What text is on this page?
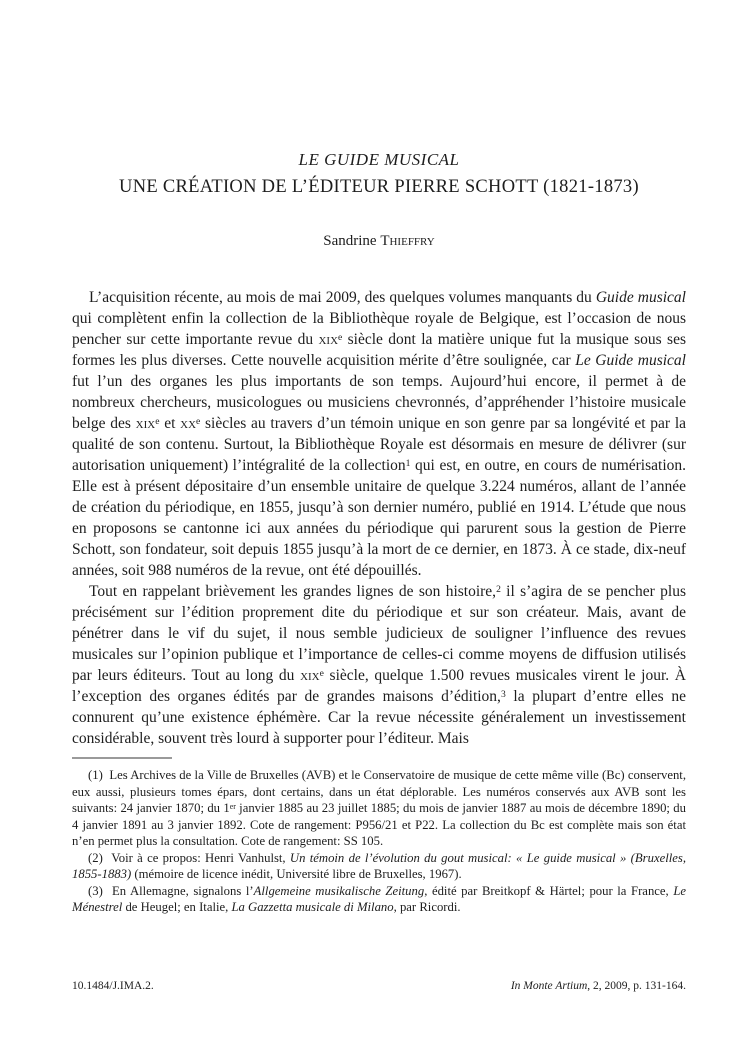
LE GUIDE MUSICAL
UNE CRÉATION DE L’ÉDITEUR PIERRE SCHOTT (1821-1873)
Sandrine Thieffry

L’acquisition récente, au mois de mai 2009, des quelques volumes manquants du Guide musical qui complètent enfin la collection de la Bibliothèque royale de Belgique, est l’occasion de nous pencher sur cette importante revue du xix$^e$ siècle dont la matière unique fut la musique sous ses formes les plus diverses. Cette nouvelle acquisition mérite d’être soulignée, car Le Guide musical fut l’un des organes les plus importants de son temps. Aujourd’hui encore, il permet à de nombreux chercheurs, musicologues ou musiciens chevronnés, d’appréhender l’histoire musicale belge des xix$^e$ et $xx^e$ siècles au travers d’un témoin unique en son genre par sa longévité et par la qualité de son contenu. Surtout, la Bibliothèque Royale est désormais en mesure de délivrer (sur autorisation uniquement) l’intégralité de la collection$^1$ qui est, en outre, en cours de numérisation. Elle est à présent dépositaire d’un ensemble unitaire de quelque 3.224 numéros, allant de l’année de création du périodique, en 1855, jusqu’à son dernier numéro, publié en 1914. L’étude que nous en proposons se cantonne ici aux années du périodique qui parurent sous la gestion de Pierre Schott, son fondateur, soit depuis 1855 jusqu’à la mort de ce dernier, en 1873. À ce stade, dix-neuf années, soit 988 numéros de la revue, ont été dépouillés.

Tout en rappelant brièvement les grandes lignes de son histoire,$^2$ il s’agira de se pencher plus précisément sur l’édition proprement dite du périodique et sur son créateur. Mais, avant de pénétrer dans le vif du sujet, il nous semble judicieux de souligner l’influence des revues musicales sur l’opinion publique et l’importance de celles-ci comme moyens de diffusion utilisés par leurs éditeurs. Tout au long du xix$^e$ siècle, quelque 1.500 revues musicales virent le jour. À l’exception des organes édités par de grandes maisons d’édition,$^3$ la plupart d’entre elles ne connurent qu’une existence éphémère. Car la revue nécessite généralement un investissement considérable, souvent très lourd à supporter pour l’éditeur. Mais

(1)  Les Archives de la Ville de Bruxelles (AVB) et le Conservatoire de musique de cette même ville (Bc) conservent, eux aussi, plusieurs tomes épars, dont certains, dans un état déplorable. Les numéros conservés aux AVB sont les suivants: 24 janvier 1870; du 1er janvier 1885 au 23 juillet 1885; du mois de janvier 1887 au mois de décembre 1890; du 4 janvier 1891 au 3 janvier 1892. Cote de rangement: P956/21 et P22. La collection du Bc est complète mais son état n’en permet plus la consultation. Cote de rangement: SS 105.

(2)  Voir à ce propos: Henri Vanhulst, Un témoin de l’évolution du gout musical: « Le guide musical » (Bruxelles, 1855-1883) (mémoire de licence inédit, Université libre de Bruxelles, 1967).

(3)  En Allemagne, signalons l’Allgemeine musikalische Zeitung, édité par Breitkopf & Härtel; pour la France, Le Ménestrel de Heugel; en Italie, La Gazzetta musicale di Milano, par Ricordi.

10.1484/J.IMA.2.	In Monte Artium, 2, 2009, p. 131-164.
